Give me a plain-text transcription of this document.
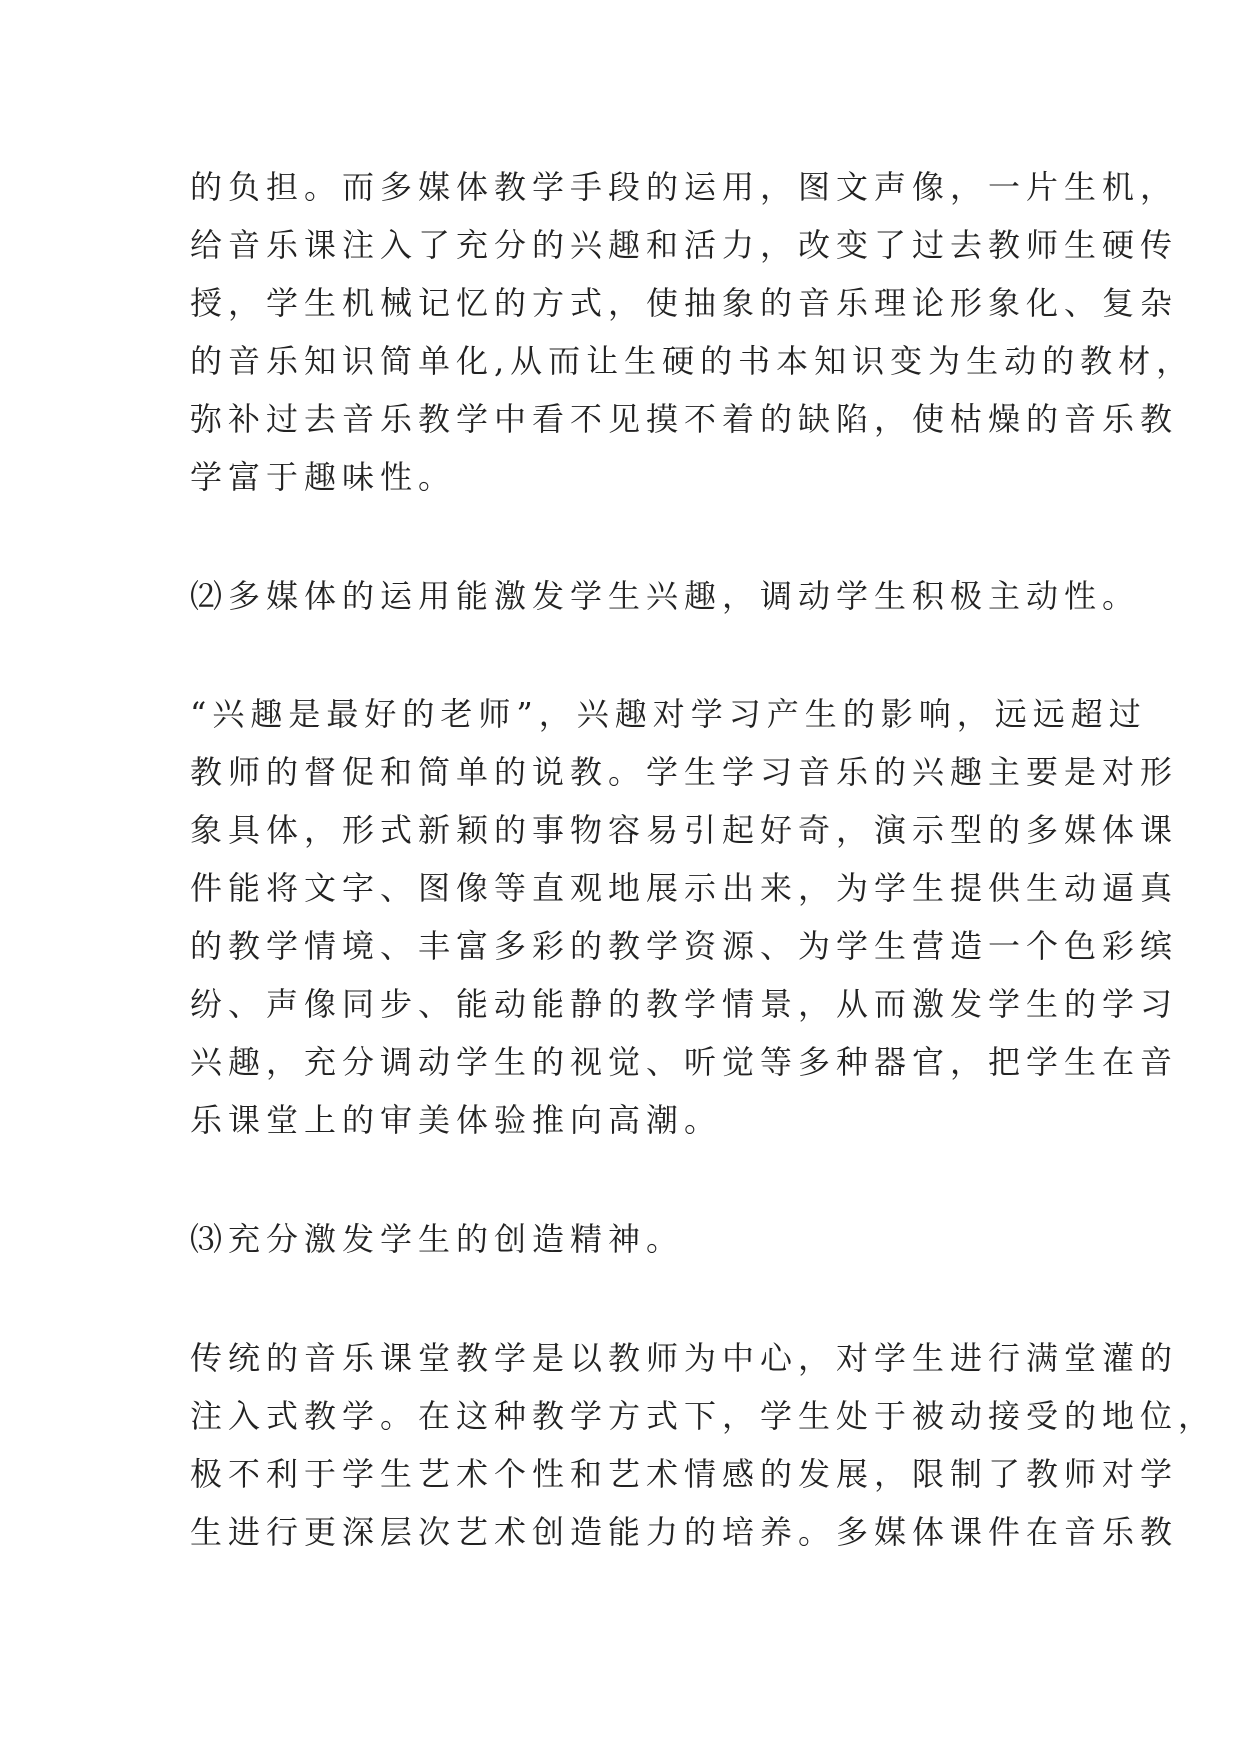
的负担。而多媒体教学手段的运用，图文声像，一片生机，
给音乐课注入了充分的兴趣和活力，改变了过去教师生硬传
授，学生机械记忆的方式，使抽象的音乐理论形象化、复杂
的音乐知识简单化,从而让生硬的书本知识变为生动的教材，
弥补过去音乐教学中看不见摸不着的缺陷，使枯燥的音乐教
学富于趣味性。
⑵多媒体的运用能激发学生兴趣，调动学生积极主动性。
“兴趣是最好的老师”，兴趣对学习产生的影响，远远超过
教师的督促和简单的说教。学生学习音乐的兴趣主要是对形
象具体，形式新颖的事物容易引起好奇，演示型的多媒体课
件能将文字、图像等直观地展示出来，为学生提供生动逼真
的教学情境、丰富多彩的教学资源、为学生营造一个色彩缤
纷、声像同步、能动能静的教学情景，从而激发学生的学习
兴趣，充分调动学生的视觉、听觉等多种器官，把学生在音
乐课堂上的审美体验推向高潮。
⑶充分激发学生的创造精神。
传统的音乐课堂教学是以教师为中心，对学生进行满堂灌的
注入式教学。在这种教学方式下，学生处于被动接受的地位，
极不利于学生艺术个性和艺术情感的发展，限制了教师对学
生进行更深层次艺术创造能力的培养。多媒体课件在音乐教
